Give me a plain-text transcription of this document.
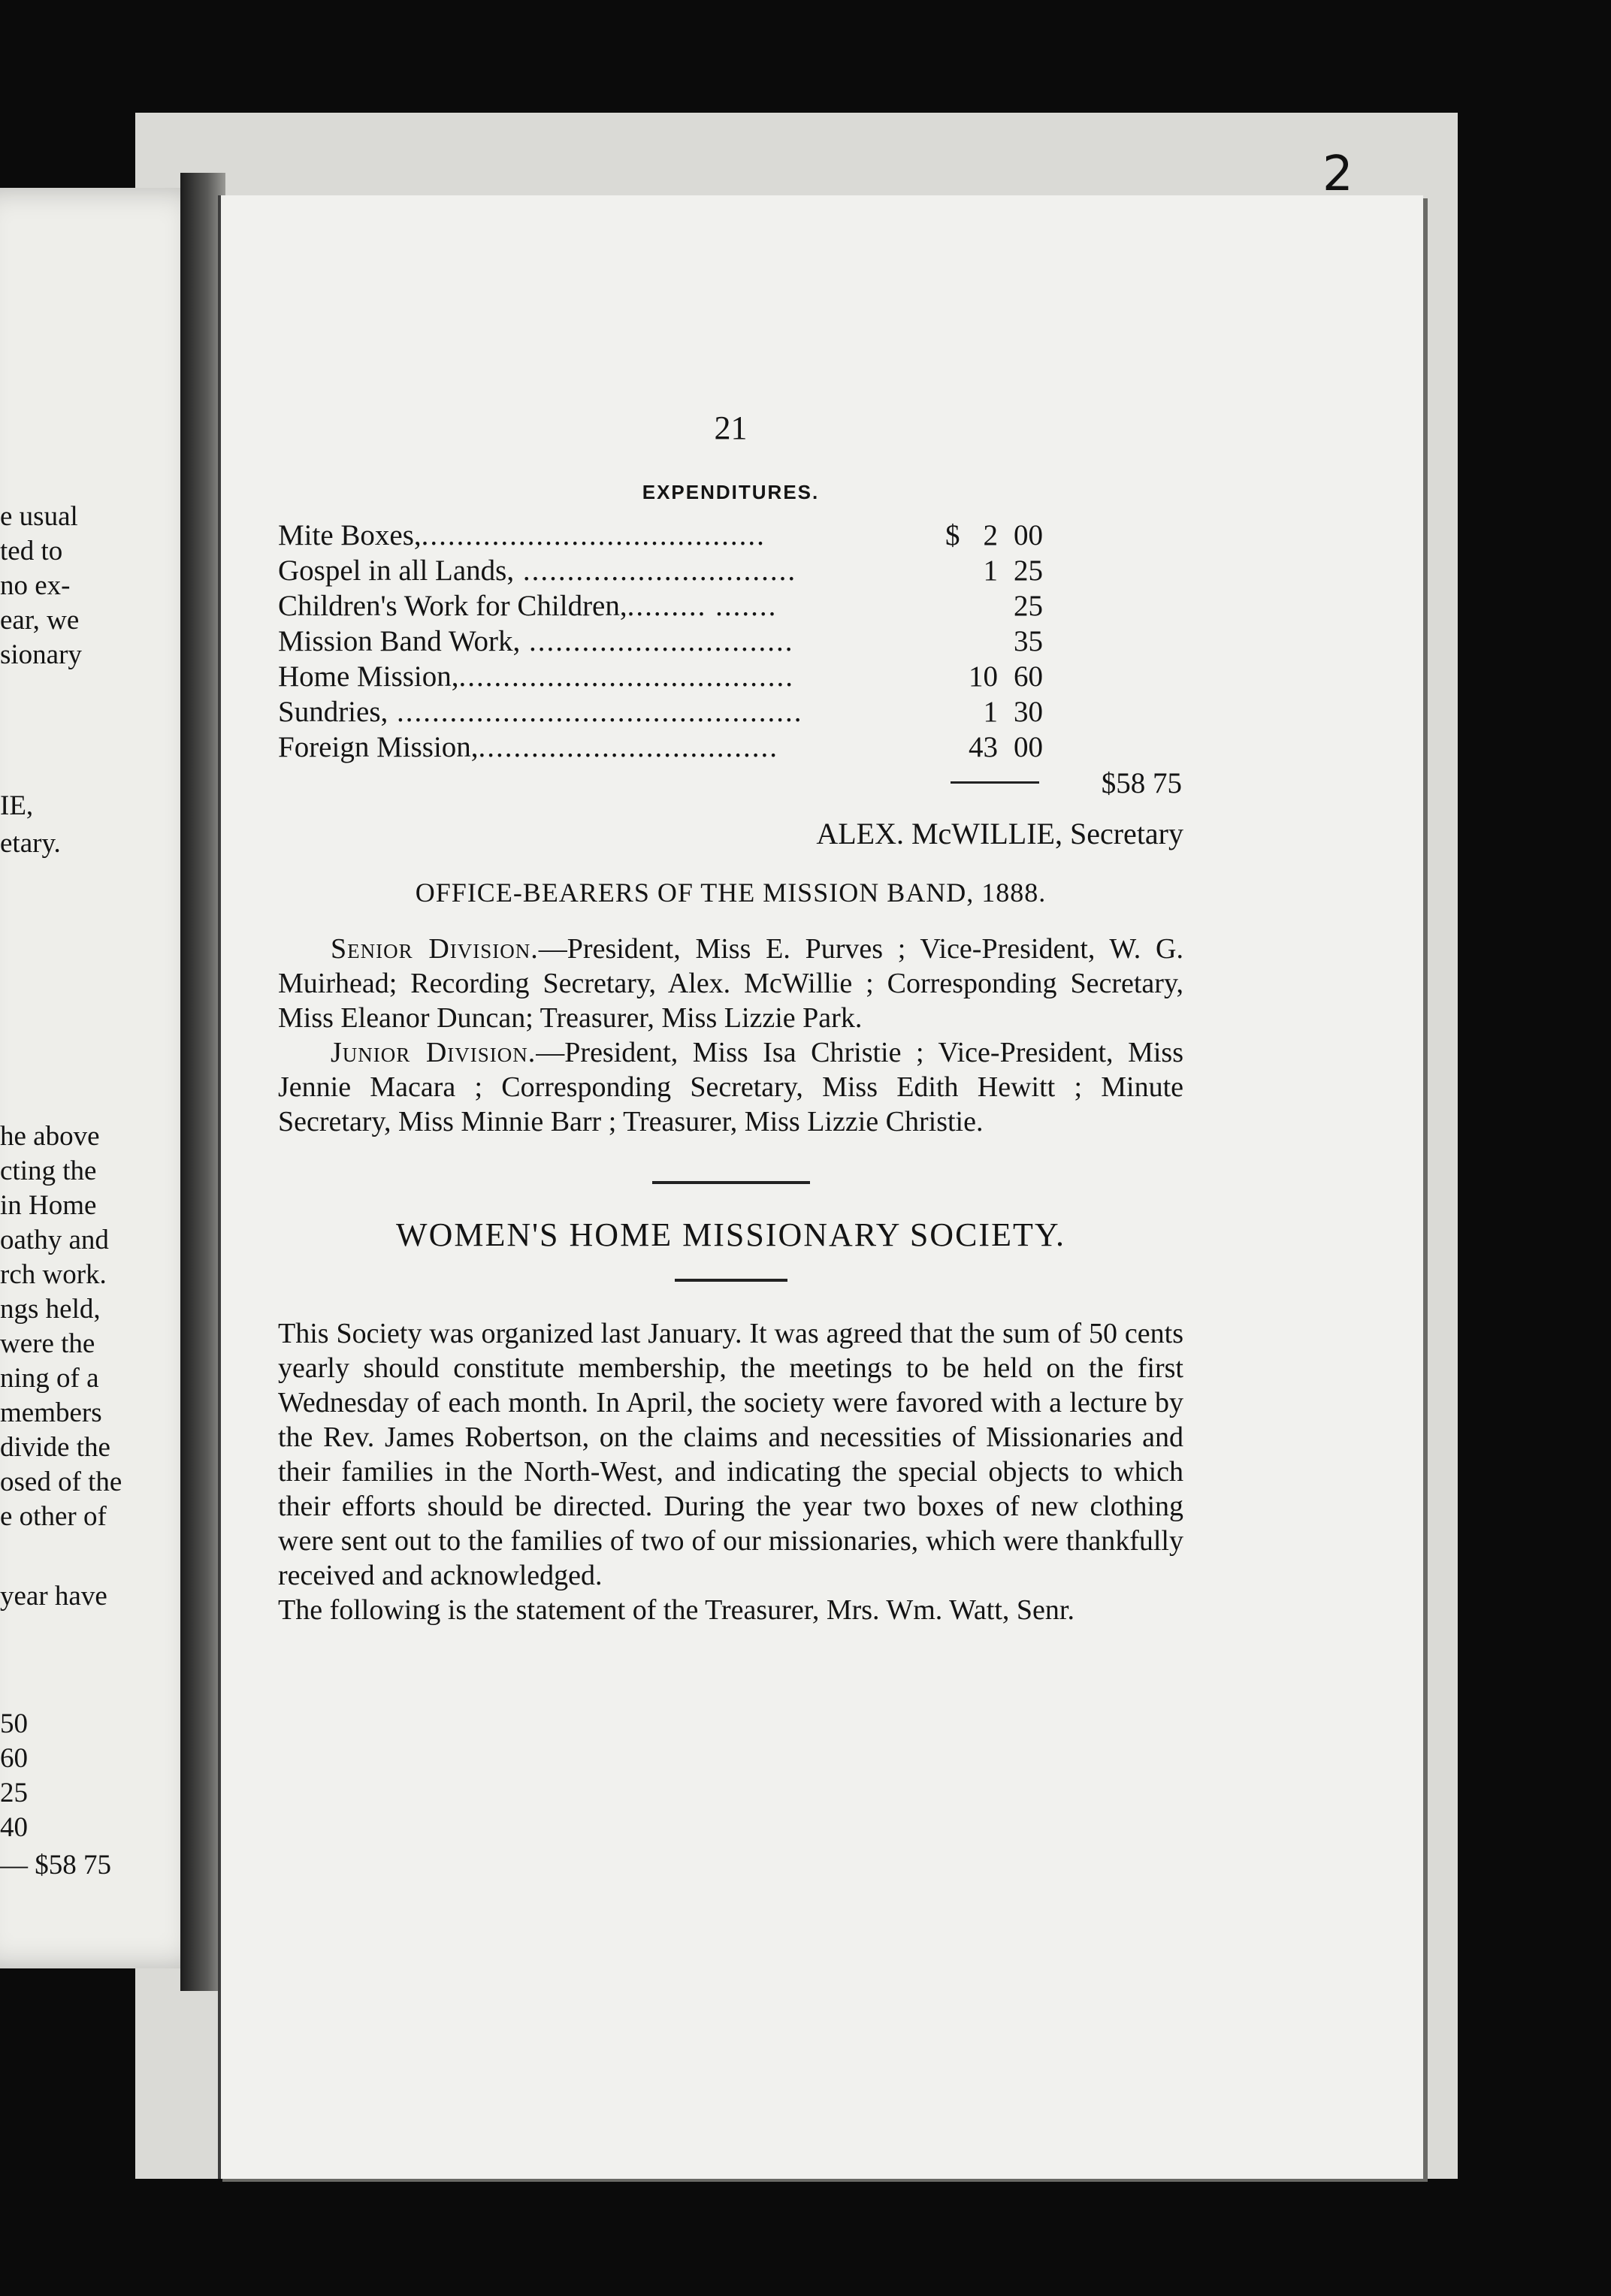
e usual
ted to
no ex-
ear, we
sionary
IE,
etary.
he above
cting the
in Home
oathy and
rch work.
ngs held,
were the
ning of a
members
divide the
osed of the
e other of
year have
50
60
25
40
— $58 75
2
21
EXPENDITURES.
Mite Boxes,.......................................	$ 2 00
Gospel in all Lands, ...............................	1 25
Children's Work for Children,......... .......	25
Mission Band Work, ..............................	35
Home Mission,......................................	10 60
Sundries, ..............................................	1 30
Foreign Mission,..................................	43 00
$58 75
ALEX. McWILLIE, Secretary
OFFICE-BEARERS OF THE MISSION BAND, 1888.
Senior Division.—President, Miss E. Purves ; Vice-President, W. G. Muirhead; Recording Secretary, Alex. McWillie ; Corresponding Secretary, Miss Eleanor Duncan; Treasurer, Miss Lizzie Park.
Junior Division.—President, Miss Isa Christie ; Vice-President, Miss Jennie Macara ; Corresponding Secretary, Miss Edith Hewitt ; Minute Secretary, Miss Minnie Barr ; Treasurer, Miss Lizzie Christie.
WOMEN'S HOME MISSIONARY SOCIETY.
This Society was organized last January. It was agreed that the sum of 50 cents yearly should constitute membership, the meetings to be held on the first Wednesday of each month. In April, the society were favored with a lecture by the Rev. James Robertson, on the claims and necessities of Missionaries and their families in the North-West, and indicating the special objects to which their efforts should be directed. During the year two boxes of new clothing were sent out to the families of two of our missionaries, which were thankfully received and acknowledged.
The following is the statement of the Treasurer, Mrs. Wm. Watt, Senr.
